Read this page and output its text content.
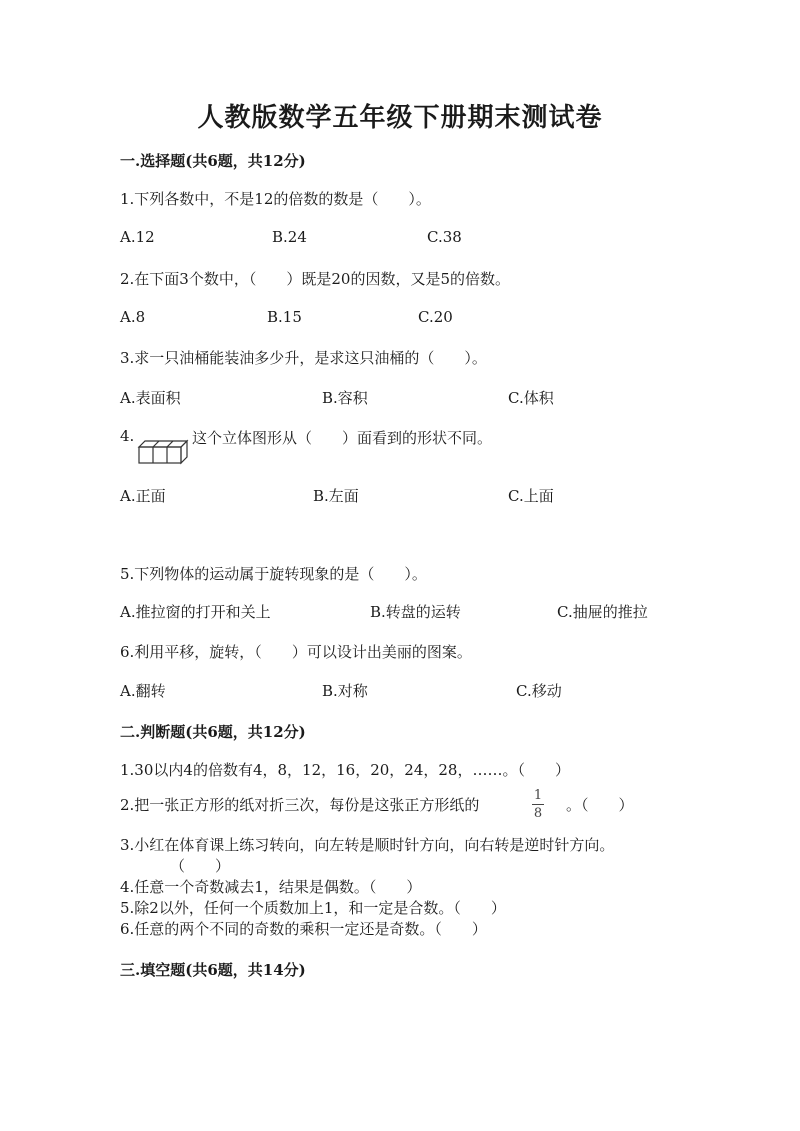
人教版数学五年级下册期末测试卷
一.选择题(共6题，共12分)
1.下列各数中，不是12的倍数的数是（　　）。
A.12	B.24	C.38
2.在下面3个数中，（　　）既是20的因数，又是5的倍数。
A.8	B.15	C.20
3.求一只油桶能装油多少升，是求这只油桶的（　　）。
A.表面积	B.容积	C.体积
4.	这个立体图形从（　　）面看到的形状不同。
A.正面	B.左面	C.上面
5.下列物体的运动属于旋转现象的是（　　）。
A.推拉窗的打开和关上	B.转盘的运转	C.抽屉的推拉
6.利用平移，旋转，（　　）可以设计出美丽的图案。
A.翻转	B.对称	C.移动
二.判断题(共6题，共12分)
1.30以内4的倍数有4，8，12，16，20，24，28，……。（　　）
2.把一张正方形的纸对折三次，每份是这张正方形纸的
1
8	。（　　）
3.小红在体育课上练习转向，向左转是顺时针方向，向右转是逆时针方向。
（　　）
4.任意一个奇数减去1，结果是偶数。（　　）
5.除2以外，任何一个质数加上1，和一定是合数。（　　）
6.任意的两个不同的奇数的乘积一定还是奇数。（　　）
三.填空题(共6题，共14分)
